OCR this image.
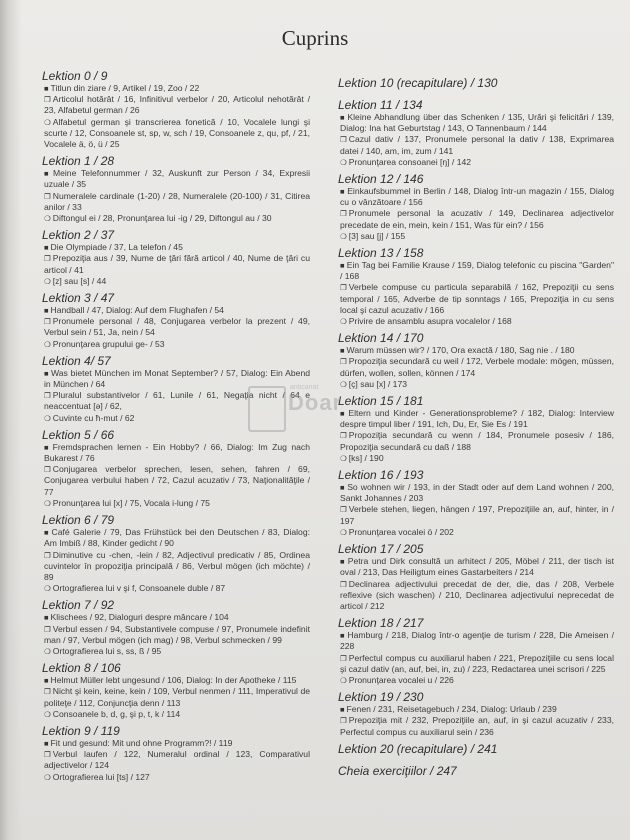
Cuprins

Lektion 0 / 9

■ Titlun din ziare / 9, Artikel / 19, Zoo / 22

❐ Articolul hotărât / 16, Infinitivul verbelor / 20, Articolul nehotărât / 23, Alfabetul german / 26

❍ Alfabetul german şi transcrierea fonetică / 10, Vocalele lungi şi scurte / 12, Consoanele st, sp, w, sch / 19, Consoanele z, qu, pf, / 21, Vocalele ä, ö, ü / 25

Lektion 1 / 28

■ Meine Telefonnummer / 32, Auskunft zur Person / 34, Expresii uzuale / 35

❐ Numeralele cardinale (1-20) / 28, Numeralele (20-100) / 31, Citirea anilor / 33

❍ Diftongul ei / 28, Pronunţarea lui -ig / 29, Diftongul au / 30

Lektion 2 / 37

■ Die Olympiade / 37, La telefon / 45

❐ Prepoziţia aus / 39, Nume de ţări fără articol / 40, Nume de ţări cu articol / 41

❍ [z] sau [s] / 44

Lektion 3 / 47

■ Handball / 47, Dialog: Auf dem Flughafen / 54

❐ Pronumele personal / 48, Conjugarea verbelor la prezent / 49, Verbul sein / 51, Ja, nein / 54

❍ Pronunţarea grupului ge- / 53

Lektion 4/ 57

■ Was bietet München im Monat September? / 57, Dialog: Ein Abend in München / 64

❐ Pluralul substantivelor / 61, Lunile / 61, Negaţia nicht / 64 e neaccentuat [ə] / 62,

❍ Cuvinte cu ħ-mut / 62

Lektion 5 / 66

■ Fremdsprachen lernen - Ein Hobby? / 66, Dialog: Im Zug nach Bukarest / 76

❐ Conjugarea verbelor sprechen, lesen, sehen, fahren / 69, Conjugarea verbului haben / 72, Cazul acuzativ / 73, Naţionalităţile / 77

❍ Pronunţarea lui [x] / 75, Vocala i-lung / 75

Lektion 6 / 79

■ Café Galerie / 79, Das Frühstück bei den Deutschen / 83, Dialog: Am Imbiß / 88, Kinder gedicht / 90

❐ Diminutive cu -chen, -lein / 82, Adjectivul predicativ / 85, Ordinea cuvintelor în propoziţia principală / 86, Verbul mögen (ich möchte) / 89

❍ Ortografierea lui v şi f, Consoanele duble / 87

Lektion 7 / 92

■ Klischees / 92, Dialoguri despre mâncare / 104

❐ Verbul essen / 94, Substantivele compuse / 97, Pronumele indefinit man / 97, Verbul mögen (ich mag) / 98, Verbul schmecken / 99

❍ Ortografierea lui s, ss, ß / 95

Lektion 8 / 106

■ Helmut Müller lebt ungesund / 106, Dialog: In der Apotheke / 115

❐ Nicht şi kein, keine, kein / 109, Verbul nenmen / 111, Imperativul de politeţe / 112, Conjuncţia denn / 113

❍ Consoanele b, d, g, şi p, t, k / 114

Lektion 9 / 119

■ Fit und gesund: Mit und ohne Programm?! / 119

❐ Verbul laufen / 122, Numeralul ordinal / 123, Comparativul adjectivelor / 124

❍ Ortografierea lui [ts] / 127

Lektion 10 (recapitulare) / 130

Lektion 11 / 134

■ Kleine Abhandlung über das Schenken / 135, Urări şi felicitări / 139, Dialog: Ina hat Geburtstag / 143, O Tannenbaum / 144

❐ Cazul dativ / 137, Pronumele personal la dativ / 138, Exprimarea datei / 140, am, im, zum / 141

❍ Pronunţarea consoanei [ŋ] / 142

Lektion 12 / 146

■ Einkaufsbummel in Berlin / 148, Dialog într-un magazin / 155, Dialog cu o vânzătoare / 156

❐ Pronumele personal la acuzativ / 149, Declinarea adjectivelor precedate de ein, mein, kein / 151, Was für ein? / 156

❍ [3] sau [j] / 155

Lektion 13 / 158

■ Ein Tag bei Familie Krause / 159, Dialog telefonic cu piscina "Garden" / 168

❐ Verbele compuse cu particula separabilă / 162, Prepoziţii cu sens temporal / 165, Adverbe de tip sonntags / 165, Prepoziţia in cu sens local şi cazul acuzativ / 166

❍ Privire de ansamblu asupra vocalelor / 168

Lektion 14 / 170

■ Warum müssen wir? / 170, Ora exactă / 180, Sag nie . / 180

❐ Propoziţia secundară cu weil / 172, Verbele modale: mögen, müssen, dürfen, wollen, sollen, können / 174

❍ [ç] sau [x] / 173

Lektion 15 / 181

■ Eltern und Kinder - Generationsprobleme? / 182, Dialog: Interview despre timpul liber / 191, Ich, Du, Er, Sie Es / 191

❐ Propoziţia secundară cu wenn / 184, Pronumele posesiv / 186, Propoziţia secundară cu daß / 188

❍ [ks] / 190

Lektion 16 / 193

■ So wohnen wir / 193, in der Stadt oder auf dem Land wohnen / 200, Sankt Johannes / 203

❐ Verbele stehen, liegen, hängen / 197, Prepoziţiile an, auf, hinter, in / 197

❍ Pronunţarea vocalei ö / 202

Lektion 17 / 205

■ Petra und Dirk consultă un arhitect / 205, Möbel / 211, der tisch ist oval / 213, Das Heiligtum eines Gastarbeiters / 214

❐ Declinarea adjectivului precedat de der, die, das / 208, Verbele reflexive (sich waschen) / 210, Declinarea adjectivului neprecedat de articol / 212

Lektion 18 / 217

■ Hamburg / 218, Dialog într-o agenţie de turism / 228, Die Ameisen / 228

❐ Perfectul compus cu auxiliarul haben / 221, Prepoziţiile cu sens local şi cazul dativ (an, auf, bei, in, zu) / 223, Redactarea unei scrisori / 225

❍ Pronunţarea vocalei u / 226

Lektion 19 / 230

■ Fenen / 231, Reisetagebuch / 234, Dialog: Urlaub / 239

❐ Prepoziţia mit / 232, Prepoziţiile an, auf, in şi cazul acuzativ / 233, Perfectul compus cu auxiliarul sein / 236

Lektion 20 (recapitulare) / 241

Cheia exerciţiilor / 247

anticariat
Doar
